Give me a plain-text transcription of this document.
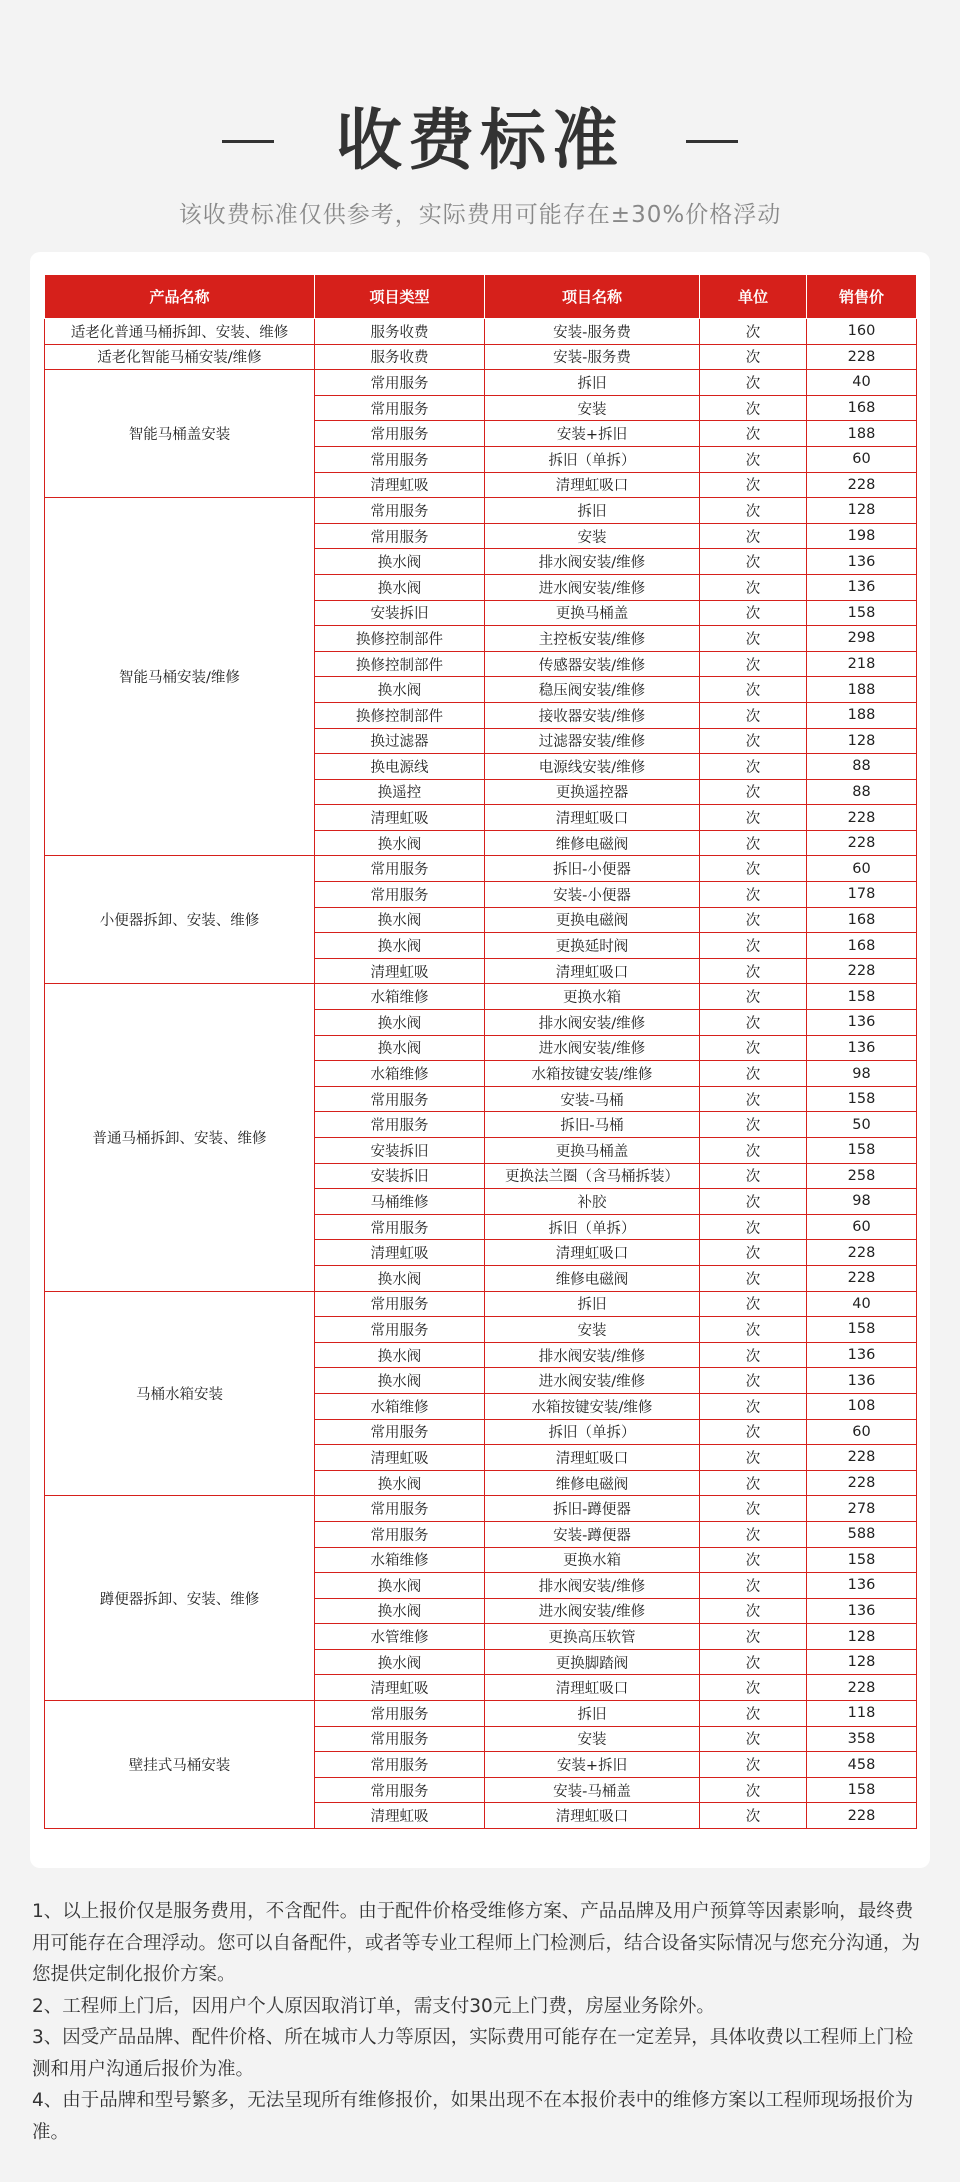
收费标准
该收费标准仅供参考，实际费用可能存在±30%价格浮动
产品名称	项目类型	项目名称	单位	销售价
适老化普通马桶拆卸、安装、维修	服务收费	安装-服务费	次	160
适老化智能马桶安装/维修	服务收费	安装-服务费	次	228
智能马桶盖安装	常用服务	拆旧	次	40
	常用服务	安装	次	168
	常用服务	安装+拆旧	次	188
	常用服务	拆旧（单拆）	次	60
	清理虹吸	清理虹吸口	次	228
智能马桶安装/维修	常用服务	拆旧	次	128
	常用服务	安装	次	198
	换水阀	排水阀安装/维修	次	136
	换水阀	进水阀安装/维修	次	136
	安装拆旧	更换马桶盖	次	158
	换修控制部件	主控板安装/维修	次	298
	换修控制部件	传感器安装/维修	次	218
	换水阀	稳压阀安装/维修	次	188
	换修控制部件	接收器安装/维修	次	188
	换过滤器	过滤器安装/维修	次	128
	换电源线	电源线安装/维修	次	88
	换遥控	更换遥控器	次	88
	清理虹吸	清理虹吸口	次	228
	换水阀	维修电磁阀	次	228
小便器拆卸、安装、维修	常用服务	拆旧-小便器	次	60
	常用服务	安装-小便器	次	178
	换水阀	更换电磁阀	次	168
	换水阀	更换延时阀	次	168
	清理虹吸	清理虹吸口	次	228
普通马桶拆卸、安装、维修	水箱维修	更换水箱	次	158
	换水阀	排水阀安装/维修	次	136
	换水阀	进水阀安装/维修	次	136
	水箱维修	水箱按键安装/维修	次	98
	常用服务	安装-马桶	次	158
	常用服务	拆旧-马桶	次	50
	安装拆旧	更换马桶盖	次	158
	安装拆旧	更换法兰圈（含马桶拆装）	次	258
	马桶维修	补胶	次	98
	常用服务	拆旧（单拆）	次	60
	清理虹吸	清理虹吸口	次	228
	换水阀	维修电磁阀	次	228
马桶水箱安装	常用服务	拆旧	次	40
	常用服务	安装	次	158
	换水阀	排水阀安装/维修	次	136
	换水阀	进水阀安装/维修	次	136
	水箱维修	水箱按键安装/维修	次	108
	常用服务	拆旧（单拆）	次	60
	清理虹吸	清理虹吸口	次	228
	换水阀	维修电磁阀	次	228
蹲便器拆卸、安装、维修	常用服务	拆旧-蹲便器	次	278
	常用服务	安装-蹲便器	次	588
	水箱维修	更换水箱	次	158
	换水阀	排水阀安装/维修	次	136
	换水阀	进水阀安装/维修	次	136
	水管维修	更换高压软管	次	128
	换水阀	更换脚踏阀	次	128
	清理虹吸	清理虹吸口	次	228
壁挂式马桶安装	常用服务	拆旧	次	118
	常用服务	安装	次	358
	常用服务	安装+拆旧	次	458
	常用服务	安装-马桶盖	次	158
	清理虹吸	清理虹吸口	次	228

1、以上报价仅是服务费用，不含配件。由于配件价格受维修方案、产品品牌及用户预算等因素影响，最终费用可能存在合理浮动。您可以自备配件，或者等专业工程师上门检测后，结合设备实际情况与您充分沟通，为您提供定制化报价方案。

2、工程师上门后，因用户个人原因取消订单，需支付30元上门费，房屋业务除外。

3、因受产品品牌、配件价格、所在城市人力等原因，实际费用可能存在一定差异，具体收费以工程师上门检测和用户沟通后报价为准。

4、由于品牌和型号繁多，无法呈现所有维修报价，如果出现不在本报价表中的维修方案以工程师现场报价为准。
